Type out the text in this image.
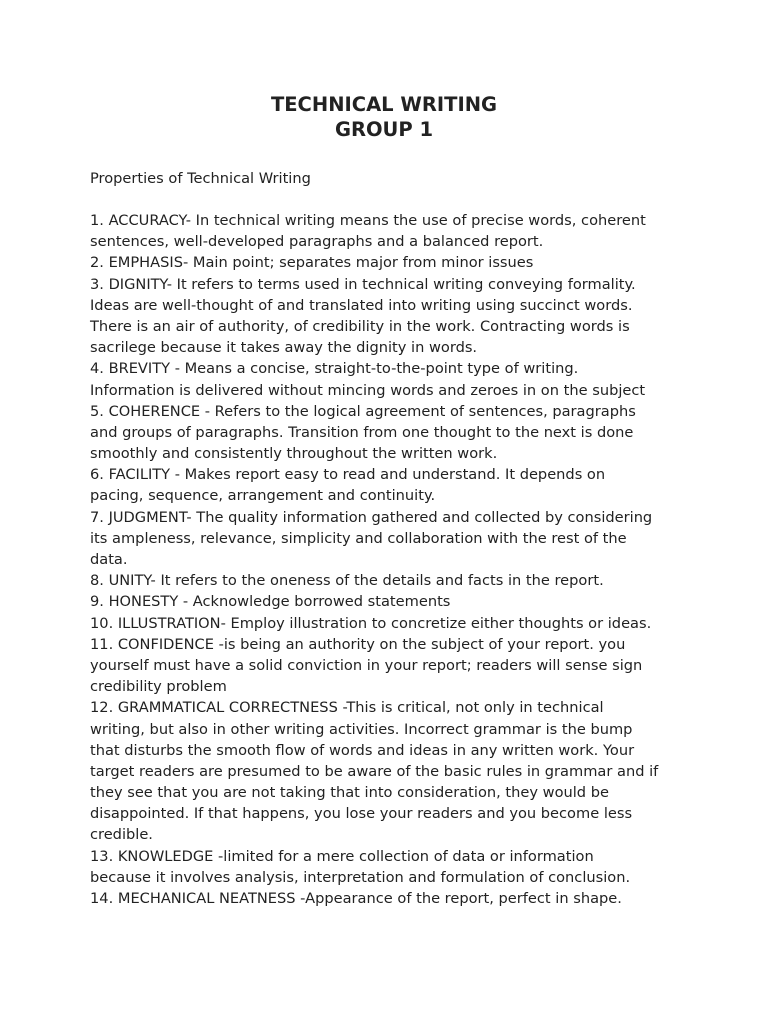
TECHNICAL WRITING
GROUP 1
Properties of Technical Writing
1. ACCURACY- In technical writing means the use of precise words, coherent
sentences, well-developed paragraphs and a balanced report.
2. EMPHASIS- Main point; separates major from minor issues
3. DIGNITY- It refers to terms used in technical writing conveying formality.
Ideas are well-thought of and translated into writing using succinct words.
There is an air of authority, of credibility in the work. Contracting words is
sacrilege because it takes away the dignity in words.
4. BREVITY - Means a concise, straight-to-the-point type of writing.
Information is delivered without mincing words and zeroes in on the subject
5. COHERENCE - Refers to the logical agreement of sentences, paragraphs
and groups of paragraphs. Transition from one thought to the next is done
smoothly and consistently throughout the written work.
6. FACILITY - Makes report easy to read and understand. It depends on
pacing, sequence, arrangement and continuity.
7. JUDGMENT- The quality information gathered and collected by considering
its ampleness, relevance, simplicity and collaboration with the rest of the
data.
8. UNITY- It refers to the oneness of the details and facts in the report.
9. HONESTY - Acknowledge borrowed statements
10. ILLUSTRATION- Employ illustration to concretize either thoughts or ideas.
11. CONFIDENCE -is being an authority on the subject of your report. you
yourself must have a solid conviction in your report; readers will sense sign
credibility problem
12. GRAMMATICAL CORRECTNESS -This is critical, not only in technical
writing, but also in other writing activities. Incorrect grammar is the bump
that disturbs the smooth flow of words and ideas in any written work. Your
target readers are presumed to be aware of the basic rules in grammar and if
they see that you are not taking that into consideration, they would be
disappointed. If that happens, you lose your readers and you become less
credible.
13. KNOWLEDGE -limited for a mere collection of data or information
because it involves analysis, interpretation and formulation of conclusion.
14. MECHANICAL NEATNESS -Appearance of the report, perfect in shape.
